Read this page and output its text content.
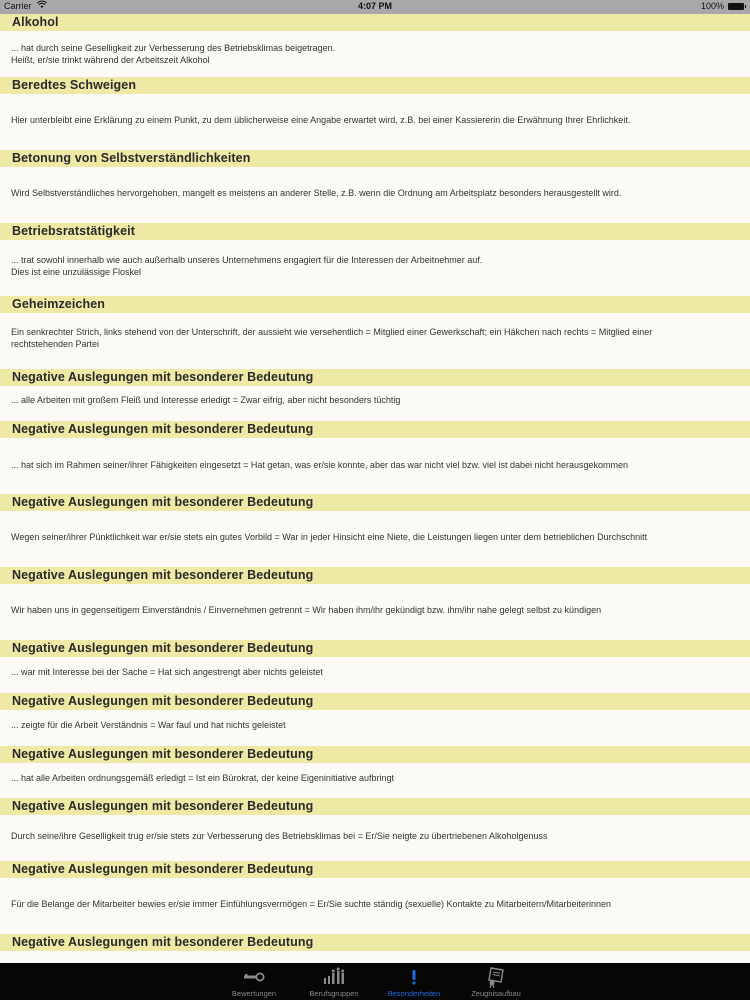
Carrier	4:07 PM	100%
Alkohol
... hat durch seine Geselligkeit zur Verbesserung des Betriebsklimas beigetragen.
Heißt, er/sie trinkt während der Arbeitszeit Alkohol
Beredtes Schweigen
Hier unterbleibt eine Erklärung zu einem Punkt, zu dem üblicherweise eine Angabe erwartet wird, z.B. bei einer Kassiererin die Erwähnung Ihrer Ehrlichkeit.
Betonung von Selbstverständlichkeiten
Wird Selbstverständliches hervorgehoben, mangelt es meistens an anderer Stelle, z.B. wenn die Ordnung am Arbeitsplatz besonders herausgestellt wird.
Betriebsratstätigkeit
... trat sowohl innerhalb wie auch außerhalb unseres Unternehmens engagiert für die Interessen der Arbeitnehmer auf.
Dies ist eine unzulässige Floskel
Geheimzeichen
Ein senkrechter Strich, links stehend von der Unterschrift, der aussieht wie versehentlich = Mitglied einer Gewerkschaft; ein Häkchen nach rechts = Mitglied einer
rechtstehenden Partei
Negative Auslegungen mit besonderer Bedeutung
... alle Arbeiten mit großem Fleiß und Interesse erledigt = Zwar eifrig, aber nicht besonders tüchtig
Negative Auslegungen mit besonderer Bedeutung
... hat sich im Rahmen seiner/ihrer Fähigkeiten eingesetzt = Hat getan, was er/sie konnte, aber das war nicht viel bzw. viel ist dabei nicht herausgekommen
Negative Auslegungen mit besonderer Bedeutung
Wegen seiner/ihrer Pünktlichkeit war er/sie stets ein gutes Vorbild = War in jeder Hinsicht eine Niete, die Leistungen liegen unter dem betrieblichen Durchschnitt
Negative Auslegungen mit besonderer Bedeutung
Wir haben uns in gegenseitigem Einverständnis / Einvernehmen getrennt = Wir haben ihm/ihr gekündigt bzw. ihm/ihr nahe gelegt selbst zu kündigen
Negative Auslegungen mit besonderer Bedeutung
... war mit Interesse bei der Sache = Hat sich angestrengt aber nichts geleistet
Negative Auslegungen mit besonderer Bedeutung
... zeigte für die Arbeit Verständnis = War faul und hat nichts geleistet
Negative Auslegungen mit besonderer Bedeutung
... hat alle Arbeiten ordnungsgemäß erledigt = Ist ein Bürokrat, der keine Eigeninitiative aufbringt
Negative Auslegungen mit besonderer Bedeutung
Durch seine/ihre Geselligkeit trug er/sie stets zur Verbesserung des Betriebsklimas bei = Er/Sie neigte zu übertriebenen Alkoholgenuss
Negative Auslegungen mit besonderer Bedeutung
Für die Belange der Mitarbeiter bewies er/sie immer Einfühlungsvermögen = Er/Sie suchte ständig (sexuelle) Kontakte zu Mitarbeitern/Mitarbeiterinnen
Negative Auslegungen mit besonderer Bedeutung
Bewertungen	Berufsgruppen	Besonderheiten	Zeugnisaufbau
